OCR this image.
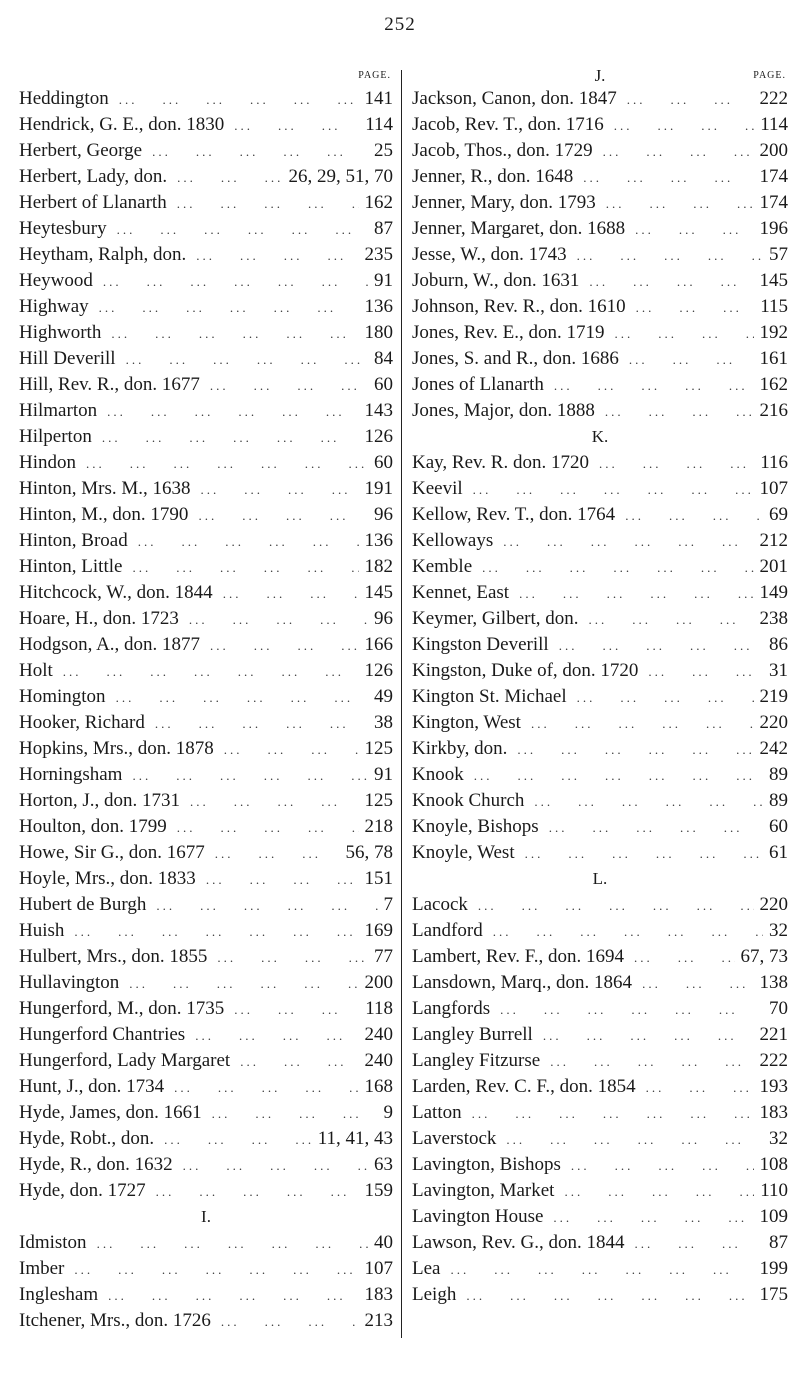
252
PAGE.
Heddington ...	141
Hendrick, G. E., don. 1830 ...	114
Herbert, George ...	25
Herbert, Lady, don. ...	26, 29, 51, 70
Herbert of Llanarth ...	162
Heytesbury ...	87
Heytham, Ralph, don. ...	235
Heywood ...	91
Highway ...	136
Highworth ...	180
Hill Deverill ...	84
Hill, Rev. R., don. 1677 ...	60
Hilmarton ...	143
Hilperton ...	126
Hindon ...	60
Hinton, Mrs. M., 1638 ...	191
Hinton, M., don. 1790 ...	96
Hinton, Broad ...	136
Hinton, Little ...	182
Hitchcock, W., don. 1844 ...	145
Hoare, H., don. 1723 ...	96
Hodgson, A., don. 1877 ...	166
Holt ...	126
Homington ...	49
Hooker, Richard ...	38
Hopkins, Mrs., don. 1878 ...	125
Horningsham ...	91
Horton, J., don. 1731 ...	125
Houlton, don. 1799 ...	218
Howe, Sir G., don. 1677 ...	56, 78
Hoyle, Mrs., don. 1833 ...	151
Hubert de Burgh ...	7
Huish ...	169
Hulbert, Mrs., don. 1855 ...	77
Hullavington ...	200
Hungerford, M., don. 1735 ...	118
Hungerford Chantries ...	240
Hungerford, Lady Margaret ...	240
Hunt, J., don. 1734 ...	168
Hyde, James, don. 1661 ...	9
Hyde, Robt., don. ...	11, 41, 43
Hyde, R., don. 1632 ...	63
Hyde, don. 1727 ...	159
I.
Idmiston ...	40
Imber ...	107
Inglesham ...	183
Itchener, Mrs., don. 1726 ...	213
J.	PAGE.
Jackson, Canon, don. 1847 ...	222
Jacob, Rev. T., don. 1716 ...	114
Jacob, Thos., don. 1729 ...	200
Jenner, R., don. 1648 ...	174
Jenner, Mary, don. 1793 ...	174
Jenner, Margaret, don. 1688 ...	196
Jesse, W., don. 1743 ...	57
Joburn, W., don. 1631 ...	145
Johnson, Rev. R., don. 1610 ...	115
Jones, Rev. E., don. 1719 ...	192
Jones, S. and R., don. 1686 ...	161
Jones of Llanarth ...	162
Jones, Major, don. 1888 ...	216
K.
Kay, Rev. R. don. 1720 ...	116
Keevil ...	107
Kellow, Rev. T., don. 1764 ...	69
Kelloways ...	212
Kemble ...	201
Kennet, East ...	149
Keymer, Gilbert, don. ...	238
Kingston Deverill ...	86
Kingston, Duke of, don. 1720 ...	31
Kington St. Michael ...	219
Kington, West ...	220
Kirkby, don. ...	242
Knook ...	89
Knook Church ...	89
Knoyle, Bishops ...	60
Knoyle, West ...	61
L.
Lacock ...	220
Landford ...	32
Lambert, Rev. F., don. 1694 ...	67, 73
Lansdown, Marq., don. 1864 ...	138
Langfords ...	70
Langley Burrell ...	221
Langley Fitzurse ...	222
Larden, Rev. C. F., don. 1854 ...	193
Latton ...	183
Laverstock ...	32
Lavington, Bishops ...	108
Lavington, Market ...	110
Lavington House ...	109
Lawson, Rev. G., don. 1844 ...	87
Lea ...	199
Leigh ...	175
